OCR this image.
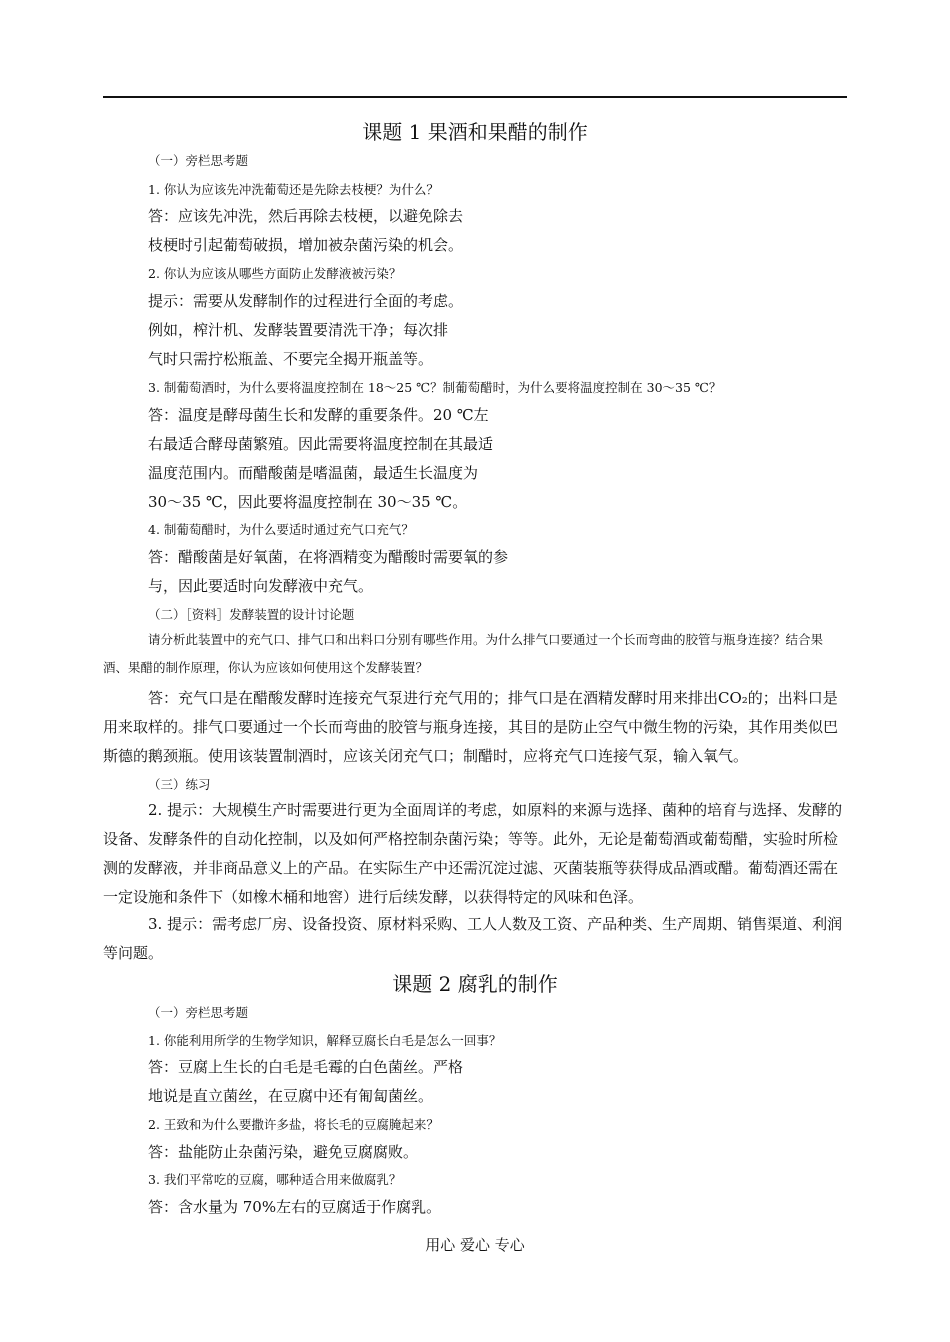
课题 1 果酒和果醋的制作
（一）旁栏思考题
1. 你认为应该先冲洗葡萄还是先除去枝梗？为什么？
答：应该先冲洗，然后再除去枝梗，以避免除去
枝梗时引起葡萄破损，增加被杂菌污染的机会。
2. 你认为应该从哪些方面防止发酵液被污染？
提示：需要从发酵制作的过程进行全面的考虑。
例如，榨汁机、发酵装置要清洗干净；每次排
气时只需拧松瓶盖、不要完全揭开瓶盖等。
3. 制葡萄酒时，为什么要将温度控制在 18～25 ℃？制葡萄醋时，为什么要将温度控制在 30～35 ℃？
答：温度是酵母菌生长和发酵的重要条件。20 ℃左
右最适合酵母菌繁殖。因此需要将温度控制在其最适
温度范围内。而醋酸菌是嗜温菌，最适生长温度为
30～35 ℃，因此要将温度控制在 30～35 ℃。
4. 制葡萄醋时，为什么要适时通过充气口充气？
答：醋酸菌是好氧菌，在将酒精变为醋酸时需要氧的参
与，因此要适时向发酵液中充气。
（二）［资料］发酵装置的设计讨论题
请分析此装置中的充气口、排气口和出料口分别有哪些作用。为什么排气口要通过一个长而弯曲的胶管与瓶身连接？结合果酒、果醋的制作原理，你认为应该如何使用这个发酵装置？
答：充气口是在醋酸发酵时连接充气泵进行充气用的；排气口是在酒精发酵时用来排出CO₂的；出料口是用来取样的。排气口要通过一个长而弯曲的胶管与瓶身连接，其目的是防止空气中微生物的污染，其作用类似巴斯德的鹅颈瓶。使用该装置制酒时，应该关闭充气口；制醋时，应将充气口连接气泵，输入氧气。
（三）练习
2. 提示：大规模生产时需要进行更为全面周详的考虑，如原料的来源与选择、菌种的培育与选择、发酵的设备、发酵条件的自动化控制，以及如何严格控制杂菌污染；等等。此外，无论是葡萄酒或葡萄醋，实验时所检测的发酵液，并非商品意义上的产品。在实际生产中还需沉淀过滤、灭菌装瓶等获得成品酒或醋。葡萄酒还需在一定设施和条件下（如橡木桶和地窖）进行后续发酵，以获得特定的风味和色泽。
3. 提示：需考虑厂房、设备投资、原材料采购、工人人数及工资、产品种类、生产周期、销售渠道、利润等问题。
课题 2 腐乳的制作
（一）旁栏思考题
1. 你能利用所学的生物学知识，解释豆腐长白毛是怎么一回事？
答：豆腐上生长的白毛是毛霉的白色菌丝。严格
地说是直立菌丝，在豆腐中还有匍匐菌丝。
2. 王致和为什么要撒许多盐，将长毛的豆腐腌起来？
答：盐能防止杂菌污染，避免豆腐腐败。
3. 我们平常吃的豆腐，哪种适合用来做腐乳？
答：含水量为 70%左右的豆腐适于作腐乳。
用心 爱心 专心
